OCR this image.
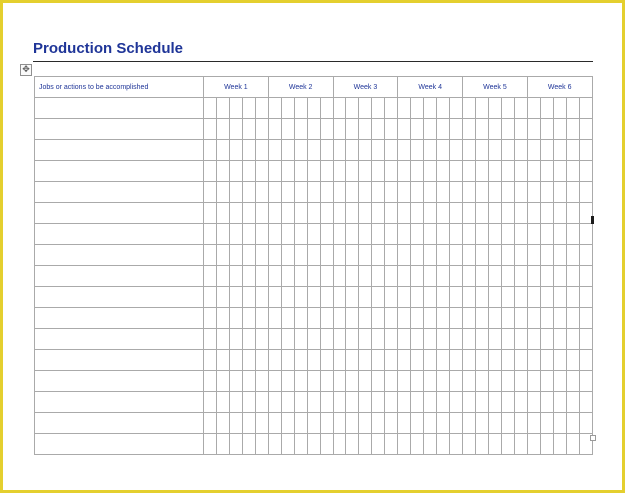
Production Schedule
✥
Jobs or actions to be accomplished	Week 1					Week 2					Week 3					Week 4					Week 5					Week 6				
